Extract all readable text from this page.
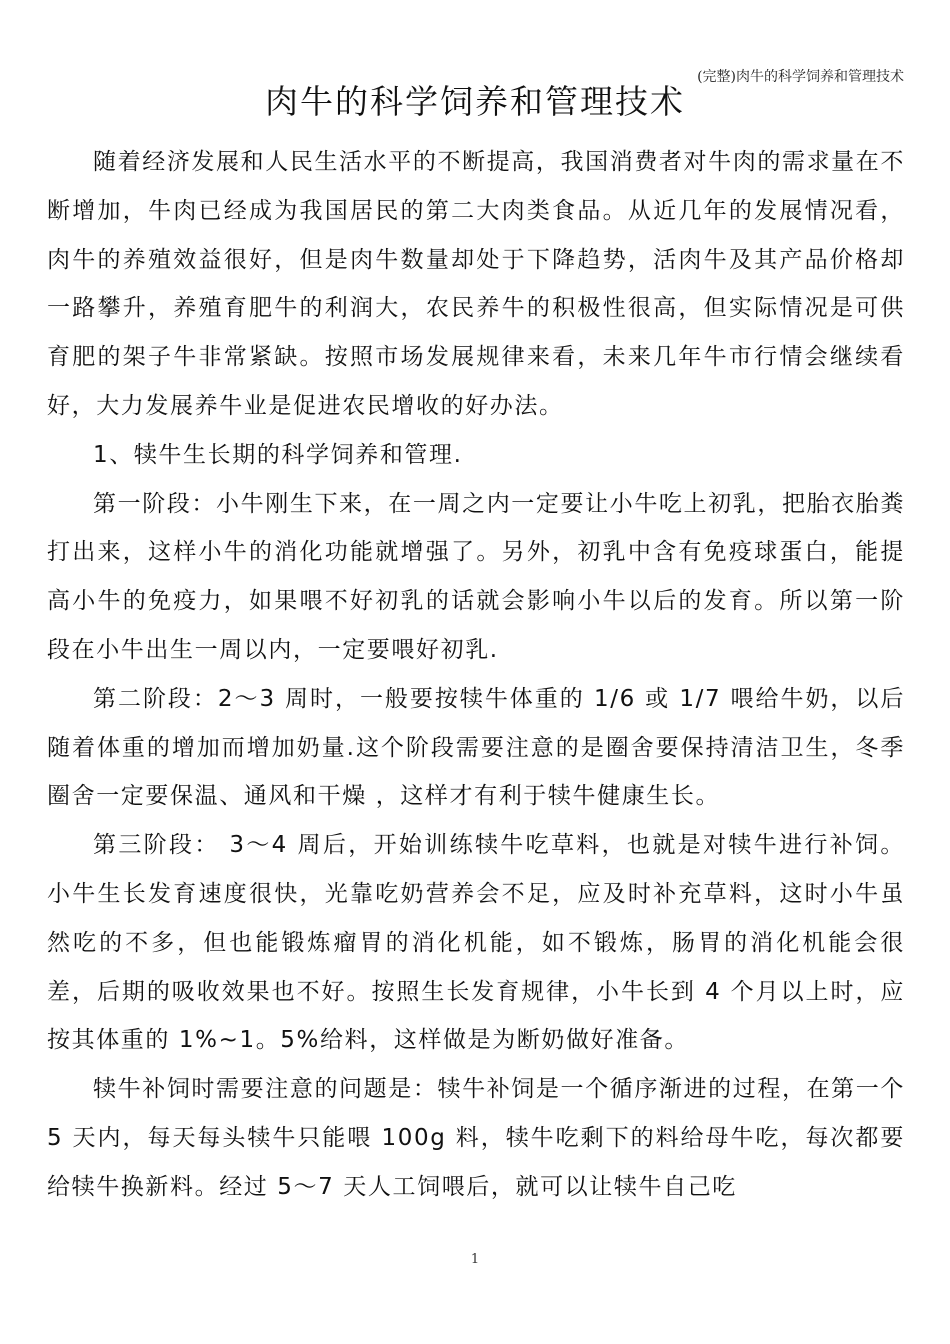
(完整)肉牛的科学饲养和管理技术
肉牛的科学饲养和管理技术

随着经济发展和人民生活水平的不断提高，我国消费者对牛肉的需求量在不断增加，牛肉已经成为我国居民的第二大肉类食品。从近几年的发展情况看，肉牛的养殖效益很好，但是肉牛数量却处于下降趋势，活肉牛及其产品价格却一路攀升，养殖育肥牛的利润大，农民养牛的积极性很高，但实际情况是可供育肥的架子牛非常紧缺。按照市场发展规律来看，未来几年牛市行情会继续看好，大力发展养牛业是促进农民增收的好办法。

1、犊牛生长期的科学饲养和管理.

第一阶段：小牛刚生下来，在一周之内一定要让小牛吃上初乳，把胎衣胎粪打出来，这样小牛的消化功能就增强了。另外，初乳中含有免疫球蛋白，能提高小牛的免疫力，如果喂不好初乳的话就会影响小牛以后的发育。所以第一阶段在小牛出生一周以内，一定要喂好初乳.

第二阶段：2～3 周时，一般要按犊牛体重的 1/6 或 1/7 喂给牛奶，以后随着体重的增加而增加奶量.这个阶段需要注意的是圈舍要保持清洁卫生，冬季圈舍一定要保温、通风和干燥 ，这样才有利于犊牛健康生长。

第三阶段： 3～4 周后，开始训练犊牛吃草料，也就是对犊牛进行补饲。小牛生长发育速度很快，光靠吃奶营养会不足，应及时补充草料，这时小牛虽然吃的不多，但也能锻炼瘤胃的消化机能，如不锻炼，肠胃的消化机能会很差，后期的吸收效果也不好。按照生长发育规律，小牛长到 4 个月以上时，应按其体重的 1%~1。5%给料，这样做是为断奶做好准备。

犊牛补饲时需要注意的问题是：犊牛补饲是一个循序渐进的过程，在第一个 5 天内，每天每头犊牛只能喂 100g 料，犊牛吃剩下的料给母牛吃，每次都要给犊牛换新料。经过 5～7 天人工饲喂后，就可以让犊牛自己吃

1
